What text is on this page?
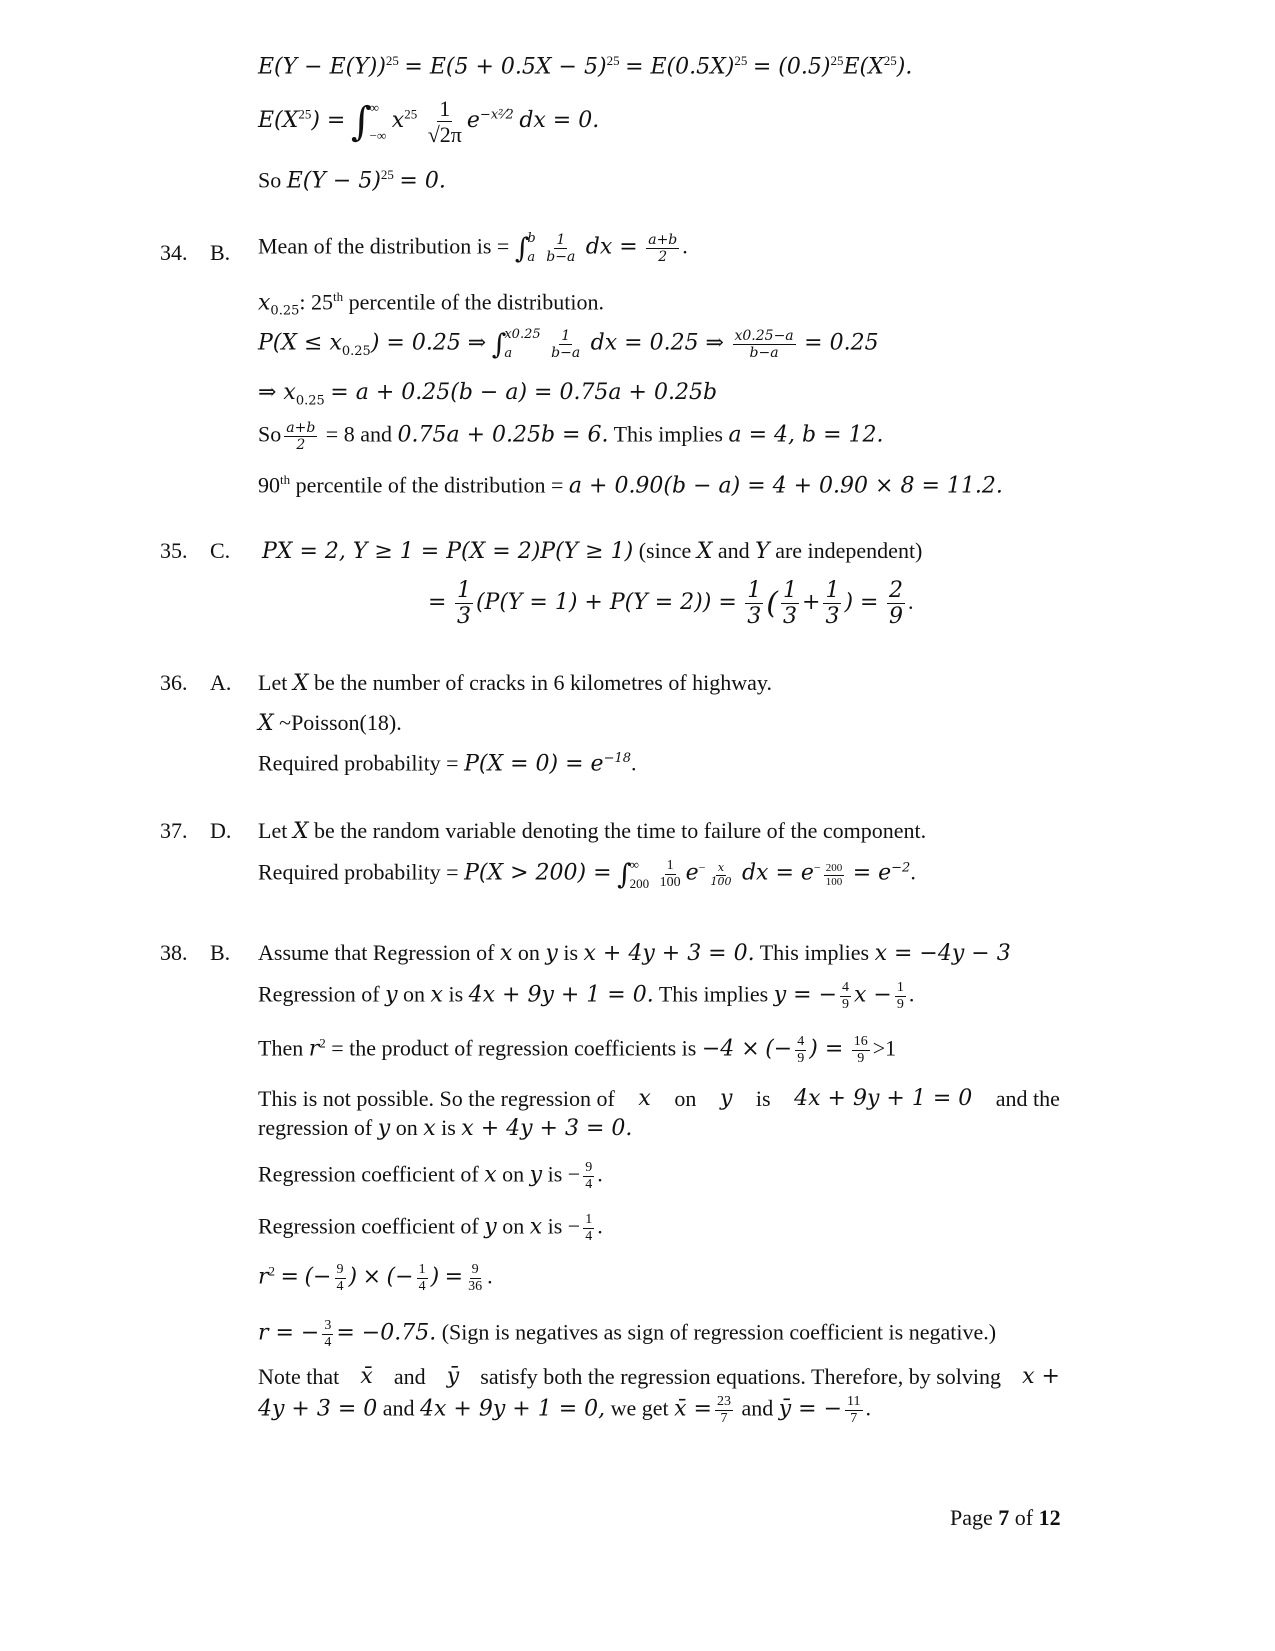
$E(Y - E(Y))^{25} = E(5 + 0.5X - 5)^{25} = E(0.5X)^{25} = (0.5)^{25}E(X^{25})$.
$E(X^{25})$ = ∫
∞
−∞
$x^{25} \frac{1}{√2\pi} e^{-x^2⁄2}$ dx = 0.
So $E(Y - 5)^{25} = 0$.
34. B. Mean of the distribution is = ∫
b
a
$\frac{1}{b-a}$ dx = $\frac{a+b}{2}$ .
$x_{0.25}$: 25th percentile of the distribution.
$P(X \le x_{0.25}) = 0.25$ ⇒ ∫
x0.25
a
	$\frac{1}{b-a}$ dx = 0.25 ⇒ $\frac{x0.25-a}{b-a} = 0.25$
⇒ $x_{0.25} = a + 0.25(b - a) = 0.75a + 0.25b$
So $\frac{a+b}{2} = 8$ and 0.75a + 0.25b = 6. This implies a = 4, b = 12.
90th percentile of the distribution = a + 0.90(b − a) = 4 + 0.90 × 8 = 11.2.
35. C. PX = 2, Y ≥ 1 = P(X = 2)P(Y ≥ 1) (since X and Y are independent)
= $\frac{1}{3} (P(Y = 1) + P(Y = 2)) = \frac{1}{3}$ ( $\frac{1}{3} + \frac{1}{3}$ ) = $\frac{2}{9}$ .
36. A. Let X be the number of cracks in 6 kilometres of highway.
X ~Poisson(18).
Required probability = $P(X = 0) = e^{-18}$.
37. D. Let X be the random variable denoting the time to failure of the component.
Required probability = P(X > 200) = ∫
∞
200
$\frac{1}{100} e^- \frac{x}{100}$ dx = $e^- \frac{200}{100} = e^{-2}$.
38. B. Assume that Regression of x on y is x + 4y + 3 = 0. This implies x = −4y − 3
Regression of y on x is 4x + 9y + 1 = 0. This implies y = − $\frac{4}{9}$ $x - \frac{1}{9}$ .
Then $r^2$ = the product of regression coefficients is −4 × (− $\frac{4}{9}$ ) = $\frac{16}{9} >1$
This is not possible. So the regression of x on y is 4x + 9y + 1 = 0 and the
regression of y on x is x + 4y + 3 = 0.
Regression coefficient of x on y is − $\frac{9}{4}$ .
Regression coefficient of y on x is − $\frac{1}{4}$ .
$r^2$ = (− $\frac{9}{4}$ ) × (− $\frac{1}{4}$ ) = $\frac{9}{36}$ .
r = − $\frac{3}{4} = -0.75$. (Sign is negatives as sign of regression coefficient is negative.)
Note that x̄ and ȳ satisfy both the regression equations. Therefore, by solving x +
4y + 3 = 0 and 4x + 9y + 1 = 0, we get x̄ = $\frac{23}{7}$ and ȳ = − $\frac{11}{7}$ .
Page 7 of 12
